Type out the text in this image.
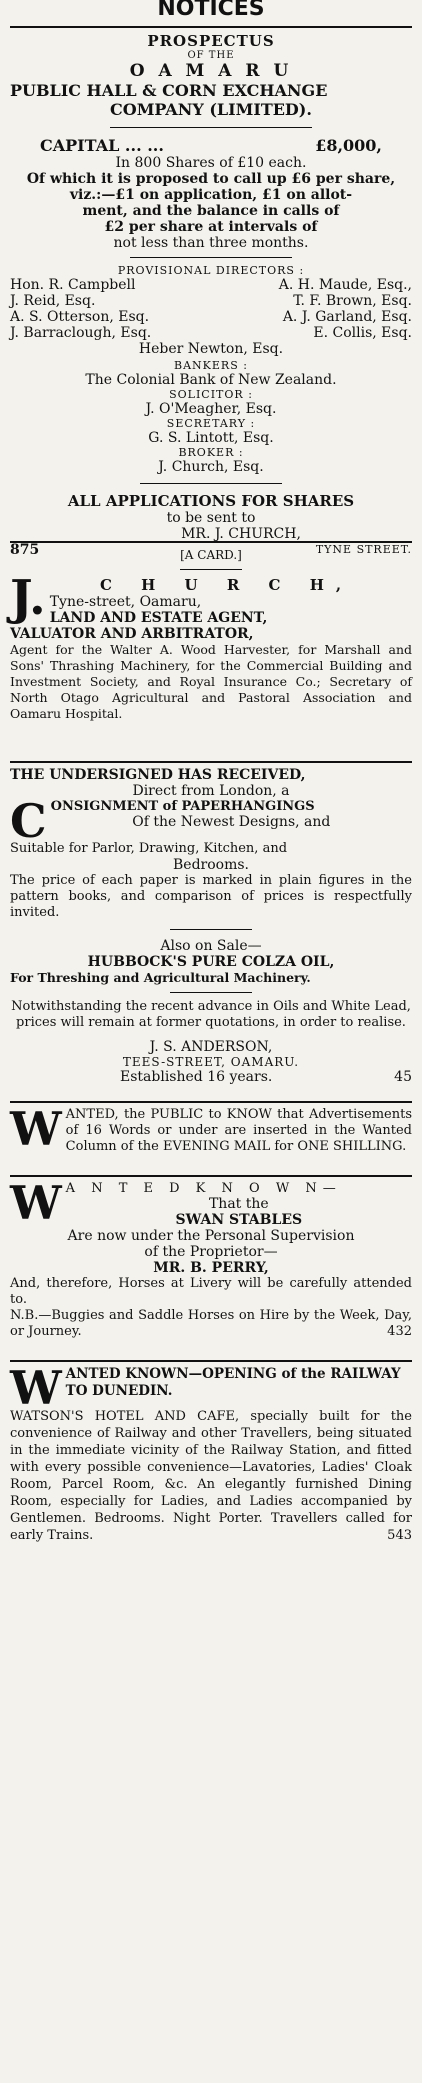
NOTICES
PROSPECTUS
OF THE
O A M A R U
PUBLIC HALL & CORN EXCHANGE
COMPANY (LIMITED).
CAPITAL ... ...	£8,000,
In 800 Shares of £10 each.
Of which it is proposed to call up £6 per share,
viz.:—£1 on application, £1 on allot-
ment, and the balance in calls of
£2 per share at intervals of
not less than three months.
PROVISIONAL DIRECTORS :
Hon. R. Campbell	A. H. Maude, Esq.,
J. Reid, Esq.	T. F. Brown, Esq.
A. S. Otterson, Esq.	A. J. Garland, Esq.
J. Barraclough, Esq.	E. Collis, Esq.
Heber Newton, Esq.
BANKERS :
The Colonial Bank of New Zealand.
SOLICITOR :
J. O'Meagher, Esq.
SECRETARY :
G. S. Lintott, Esq.
BROKER :
J. Church, Esq.
ALL APPLICATIONS FOR SHARES
to be sent to
MR. J. CHURCH,
875	TYNE STREET.
[A CARD.]
J.	C H U R C H,
Tyne-street, Oamaru,
LAND AND ESTATE AGENT,
VALUATOR AND ARBITRATOR,

Agent for the Walter A. Wood Harvester, for Marshall and Sons' Thrashing Machinery, for the Commercial Building and Investment Society, and Royal Insurance Co.; Secretary of North Otago Agricultural and Pastoral Association and Oamaru Hospital.

THE UNDERSIGNED HAS RECEIVED,
Direct from London, a
C ONSIGNMENT of PAPERHANGINGS
Of the Newest Designs, and
Suitable for Parlor, Drawing, Kitchen, and
Bedrooms.

The price of each paper is marked in plain figures in the pattern books, and comparison of prices is respectfully invited.

Also on Sale—
HUBBOCK'S PURE COLZA OIL,
For Threshing and Agricultural Machinery.

Notwithstanding the recent advance in Oils and White Lead, prices will remain at former quotations, in order to realise.

J. S. ANDERSON,
TEES-STREET, OAMARU.
Established 16 years.	45
W ANTED, the PUBLIC to KNOW that Advertisements of 16 Words or under are inserted in the Wanted Column of the EVENING MAIL for ONE SHILLING.

W A N T E D K N O W N—
That the
SWAN STABLES
Are now under the Personal Supervision
of the Proprietor—
MR. B. PERRY,

And, therefore, Horses at Livery will be carefully attended to.

N.B.—Buggies and Saddle Horses on Hire by the Week, Day, or Journey.	432

W ANTED KNOWN—OPENING of the RAILWAY TO DUNEDIN.

WATSON'S HOTEL AND CAFE, specially built for the convenience of Railway and other Travellers, being situated in the immediate vicinity of the Railway Station, and fitted with every possible convenience—Lavatories, Ladies' Cloak Room, Parcel Room, &c. An elegantly furnished Dining Room, especially for Ladies, and Ladies accompanied by Gentlemen. Bedrooms. Night Porter. Travellers called for early Trains.	543
